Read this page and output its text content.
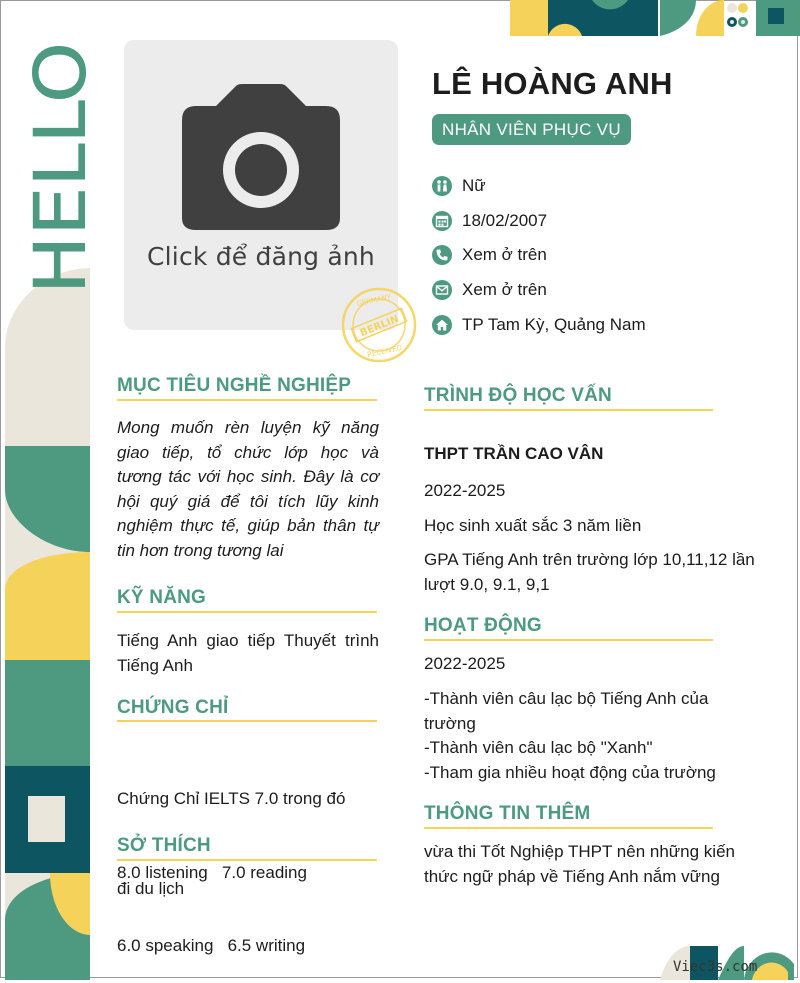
HELLO	Click để đăng ảnh
GERMANY
BERLIN
RECEIVED
LÊ HOÀNG ANH
NHÂN VIÊN PHỤC VỤ
Nữ
18/02/2007
Xem ở trên
Xem ở trên
TP Tam Kỳ, Quảng Nam
MỤC TIÊU NGHỀ NGHIỆP
Mong muốn rèn luyện kỹ năng
giao tiếp, tổ chức lớp học và
tương tác với học sinh. Đây là cơ
hội quý giá để tôi tích lũy kinh
nghiệm thực tế, giúp bản thân tự
tin hơn trong tương lai
KỸ NĂNG
Tiếng Anh giao tiếp Thuyết trình
Tiếng Anh
CHỨNG CHỈ

Chứng Chỉ IELTS 7.0 trong đó

8.0 listening   7.0 reading

6.0 speaking   6.5 writing

SỞ THÍCH
đi du lịch
TRÌNH ĐỘ HỌC VẤN
THPT TRẦN CAO VÂN
2022-2025
Học sinh xuất sắc 3 năm liền
GPA Tiếng Anh trên trường lớp 10,11,12 lần
lượt 9.0, 9.1, 9,1
HOẠT ĐỘNG
2022-2025
-Thành viên câu lạc bộ Tiếng Anh của
trường
-Thành viên câu lạc bộ "Xanh"
-Tham gia nhiều hoạt động của trường
THÔNG TIN THÊM
vừa thi Tốt Nghiệp THPT nên những kiến
thức ngữ pháp về Tiếng Anh nắm vững
Viec3s.com
